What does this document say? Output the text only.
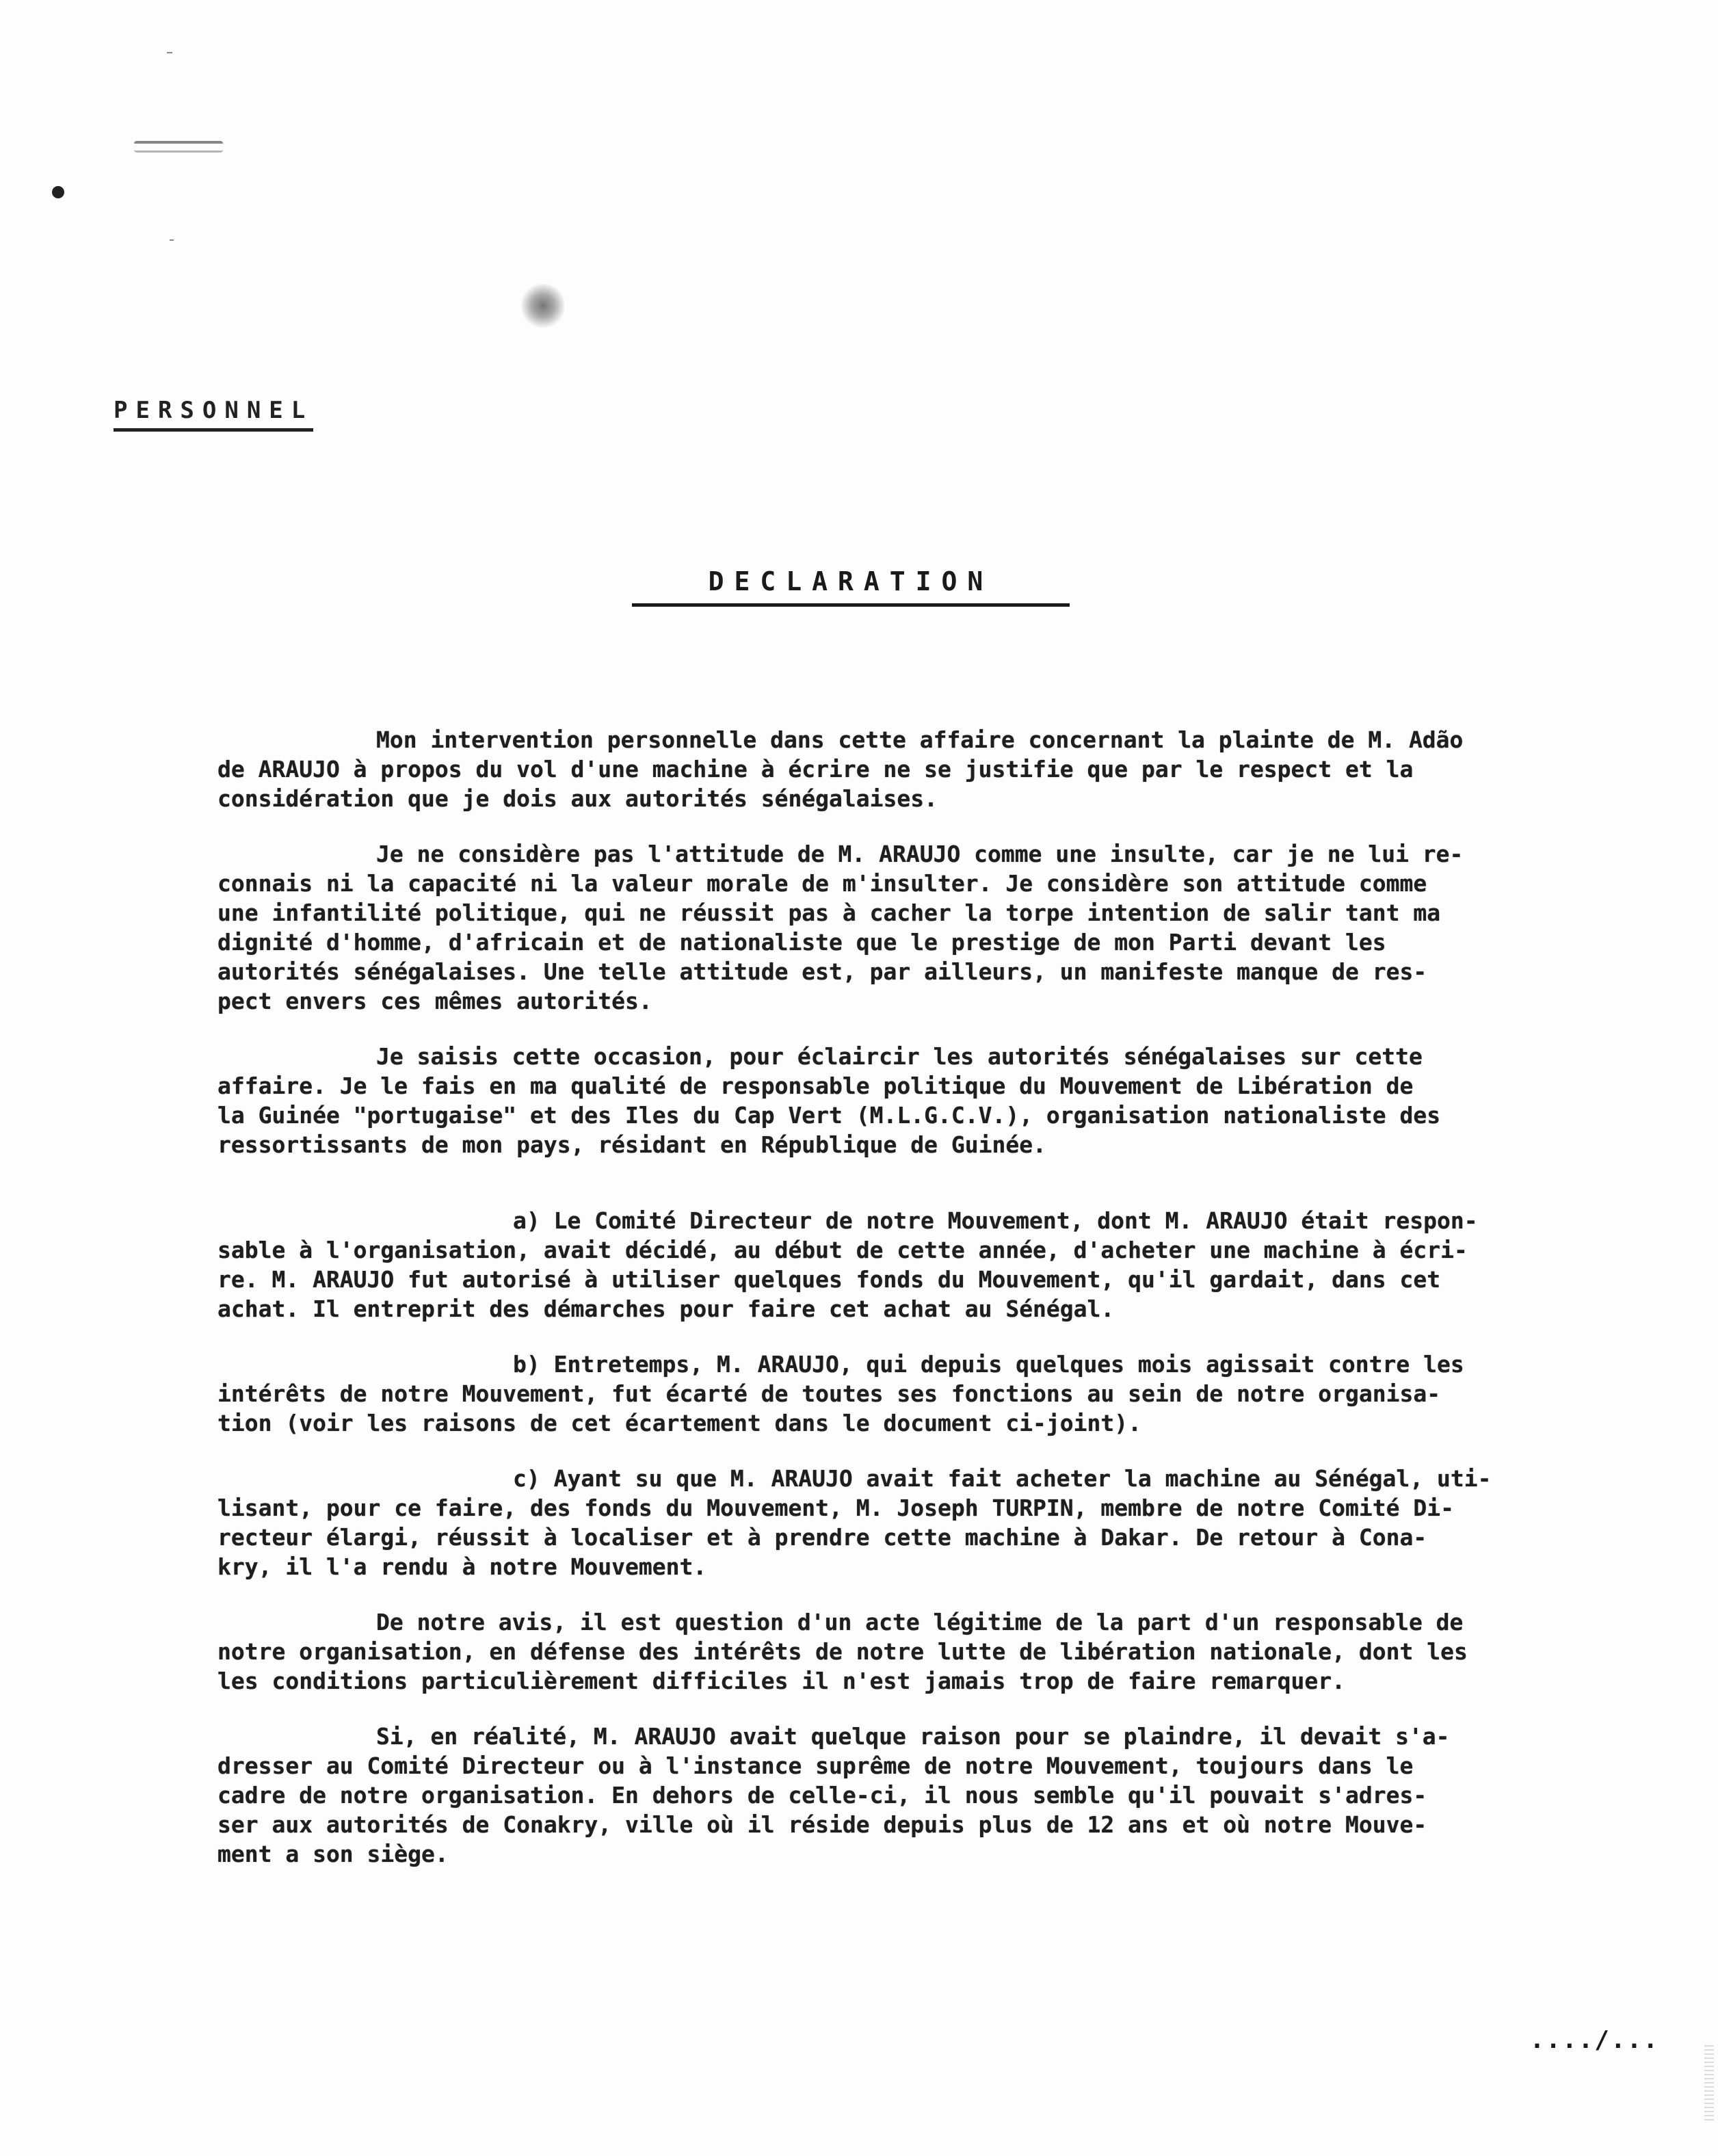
PERSONNEL
DECLARATION

Mon intervention personnelle dans cette affaire concernant la plainte de M. Adão
de ARAUJO à propos du vol d'une machine à écrire ne se justifie que par le respect et la
considération que je dois aux autorités sénégalaises.

Je ne considère pas l'attitude de M. ARAUJO comme une insulte, car je ne lui re-
connais ni la capacité ni la valeur morale de m'insulter. Je considère son attitude comme
une infantilité politique, qui ne réussit pas à cacher la torpe intention de salir tant ma
dignité d'homme, d'africain et de nationaliste que le prestige de mon Parti devant les
autorités sénégalaises. Une telle attitude est, par ailleurs, un manifeste manque de res-
pect envers ces mêmes autorités.

Je saisis cette occasion, pour éclaircir les autorités sénégalaises sur cette
affaire. Je le fais en ma qualité de responsable politique du Mouvement de Libération de
la Guinée "portugaise" et des Iles du Cap Vert (M.L.G.C.V.), organisation nationaliste des
ressortissants de mon pays, résidant en République de Guinée.

a) Le Comité Directeur de notre Mouvement, dont M. ARAUJO était respon-
sable à l'organisation, avait décidé, au début de cette année, d'acheter une machine à écri-
re. M. ARAUJO fut autorisé à utiliser quelques fonds du Mouvement, qu'il gardait, dans cet
achat. Il entreprit des démarches pour faire cet achat au Sénégal.

b) Entretemps, M. ARAUJO, qui depuis quelques mois agissait contre les
intérêts de notre Mouvement, fut écarté de toutes ses fonctions au sein de notre organisa-
tion (voir les raisons de cet écartement dans le document ci-joint).

c) Ayant su que M. ARAUJO avait fait acheter la machine au Sénégal, uti-
lisant, pour ce faire, des fonds du Mouvement, M. Joseph TURPIN, membre de notre Comité Di-
recteur élargi, réussit à localiser et à prendre cette machine à Dakar. De retour à Cona-
kry, il l'a rendu à notre Mouvement.

De notre avis, il est question d'un acte légitime de la part d'un responsable de
notre organisation, en défense des intérêts de notre lutte de libération nationale, dont les
les conditions particulièrement difficiles il n'est jamais trop de faire remarquer.

Si, en réalité, M. ARAUJO avait quelque raison pour se plaindre, il devait s'a-
dresser au Comité Directeur ou à l'instance suprême de notre Mouvement, toujours dans le
cadre de notre organisation. En dehors de celle-ci, il nous semble qu'il pouvait s'adres-
ser aux autorités de Conakry, ville où il réside depuis plus de 12 ans et où notre Mouve-
ment a son siège.

..../...
